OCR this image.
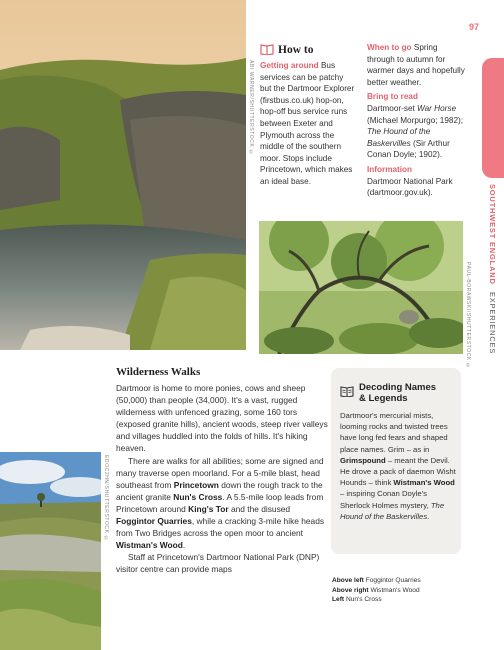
ABI WARNER/SHUTTERSTOCK ©
PAUL-BORAWSKI/SHUTTERSTOCK ©
EDOC2HN/SHUTTERSTOCK ©
97
SOUTHWEST ENGLAND
EXPERIENCES
How to

Getting around Bus services can be patchy but the Dartmoor Explorer (firstbus.co.uk) hop-on, hop-off bus service runs between Exeter and Plymouth across the middle of the southern moor. Stops include Princetown, which makes an ideal base.

When to go Spring through to autumn for warmer days and hopefully better weather.

Bring to read

Dartmoor-set War Horse (Michael Morpurgo; 1982); The Hound of the Baskervilles (Sir Arthur Conan Doyle; 1902).

Information

Dartmoor National Park (dartmoor.gov.uk).

Wilderness Walks

Dartmoor is home to more ponies, cows and sheep (50,000) than people (34,000). It's a vast, rugged wilderness with unfenced grazing, some 160 tors (exposed granite hills), ancient woods, steep river valleys and villages huddled into the folds of hills. It's hiking heaven.

There are walks for all abilities; some are signed and many traverse open moorland. For a 5-mile blast, head southeast from Princetown down the rough track to the ancient granite Nun's Cross. A 5.5-mile loop leads from Princetown around King's Tor and the disused Foggintor Quarries, while a cracking 3-mile hike heads from Two Bridges across the open moor to ancient Wistman's Wood.

Staff at Princetown's Dartmoor National Park (DNP) visitor centre can provide maps

Decoding Names
& Legends
Dartmoor's mercurial mists, looming rocks and twisted trees have long fed fears and shaped place names. Grim – as in Grimspound – meant the Devil. He drove a pack of daemon Wisht Hounds – think Wistman's Wood – inspiring Conan Doyle's Sherlock Holmes mystery, The Hound of the Baskervilles.
Above left Foggintor Quarries
Above right Wistman's Wood
Left Nun's Cross
